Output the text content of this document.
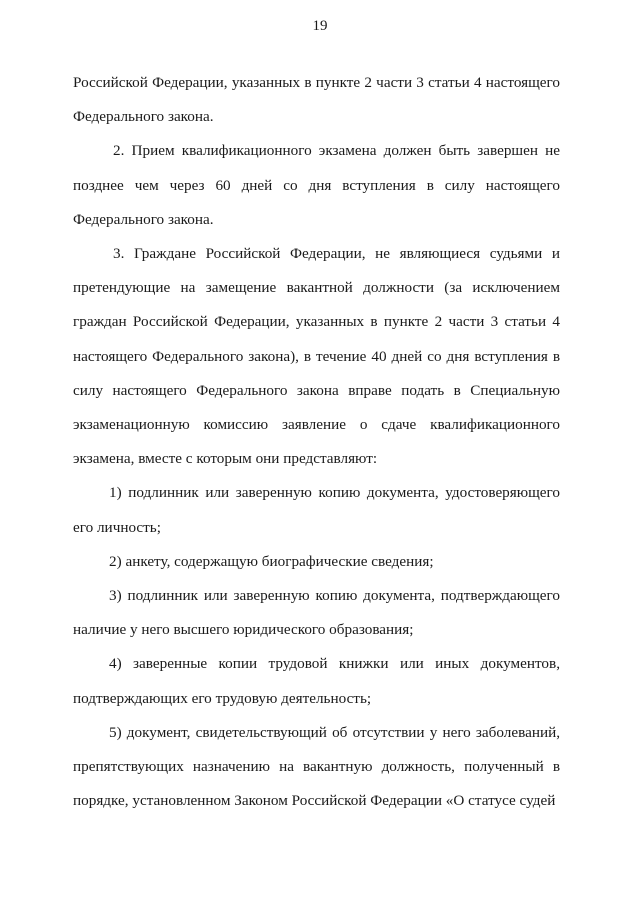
19

Российской Федерации, указанных в пункте 2 части 3 статьи 4 настоящего Федерального закона.

2. Прием квалификационного экзамена должен быть завершен не позднее чем через 60 дней со дня вступления в силу настоящего Федерального закона.

3. Граждане Российской Федерации, не являющиеся судьями и претендующие на замещение вакантной должности (за исключением граждан Российской Федерации, указанных в пункте 2 части 3 статьи 4 настоящего Федерального закона), в течение 40 дней со дня вступления в силу настоящего Федерального закона вправе подать в Специальную экзаменационную комиссию заявление о сдаче квалификационного экзамена, вместе с которым они представляют:

1) подлинник или заверенную копию документа, удостоверяющего его личность;

2) анкету, содержащую биографические сведения;

3) подлинник или заверенную копию документа, подтверждающего наличие у него высшего юридического образования;

4) заверенные копии трудовой книжки или иных документов, подтверждающих его трудовую деятельность;

5) документ, свидетельствующий об отсутствии у него заболеваний, препятствующих назначению на вакантную должность, полученный в порядке, установленном Законом Российской Федерации «О статусе судей
